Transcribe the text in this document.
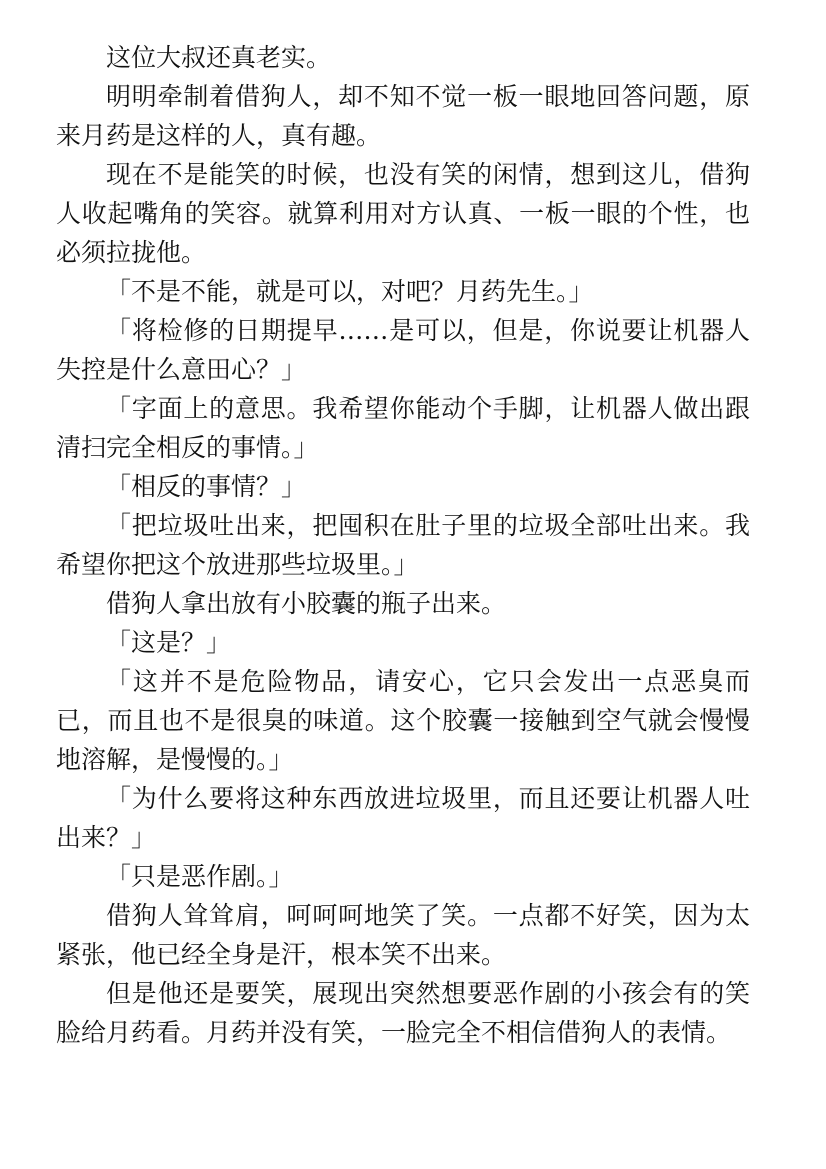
这位大叔还真老实。

明明牵制着借狗人，却不知不觉一板一眼地回答问题，原来月药是这样的人，真有趣。

现在不是能笑的时候，也没有笑的闲情，想到这儿，借狗人收起嘴角的笑容。就算利用对方认真、一板一眼的个性，也必须拉拢他。

「不是不能，就是可以，对吧？月药先生。」

「将检修的日期提早……是可以，但是，你说要让机器人失控是什么意田心？」

「字面上的意思。我希望你能动个手脚，让机器人做出跟清扫完全相反的事情。」

「相反的事情？」

「把垃圾吐出来，把囤积在肚子里的垃圾全部吐出来。我希望你把这个放进那些垃圾里。」

借狗人拿出放有小胶囊的瓶子出来。

「这是？」

「这并不是危险物品，请安心，它只会发出一点恶臭而已，而且也不是很臭的味道。这个胶囊一接触到空气就会慢慢地溶解，是慢慢的。」

「为什么要将这种东西放进垃圾里，而且还要让机器人吐出来？」

「只是恶作剧。」

借狗人耸耸肩，呵呵呵地笑了笑。一点都不好笑，因为太紧张，他已经全身是汗，根本笑不出来。

但是他还是要笑，展现出突然想要恶作剧的小孩会有的笑脸给月药看。月药并没有笑，一脸完全不相信借狗人的表情。
